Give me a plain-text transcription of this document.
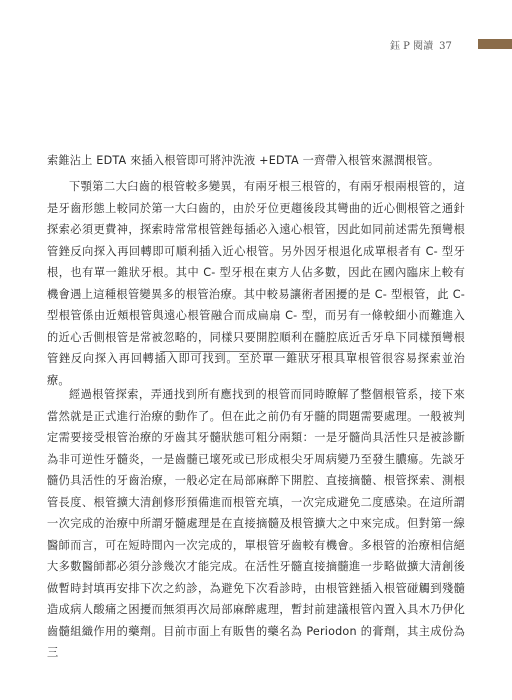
鈺 P 閱讀 37

索錐沾上 EDTA 來插入根管即可將沖洗液 +EDTA 一齊帶入根管來濕潤根管。

下顎第二大臼齒的根管較多變異，有兩牙根三根管的，有兩牙根兩根管的，這是牙齒形態上較同於第一大臼齒的，由於牙位更趨後段其彎曲的近心側根管之通針探索必須更費神，探索時常常根管銼每插必入遠心根管，因此如同前述需先預彎根管銼反向探入再回轉即可順利插入近心根管。另外因牙根退化成單根者有 C- 型牙根，也有單一錐狀牙根。其中 C- 型牙根在東方人佔多數，因此在國內臨床上較有機會遇上這種根管變異多的根管治療。其中較易讓術者困擾的是 C- 型根管，此 C- 型根管係由近頰根管與遠心根管融合而成扁扇 C- 型，而另有一條較細小而難進入的近心舌側根管是常被忽略的，同樣只要開腔順利在髓腔底近舌牙阜下同樣預彎根管銼反向探入再回轉插入即可找到。至於單一錐狀牙根具單根管很容易探索並治療。

經過根管探索，弄通找到所有應找到的根管而同時瞭解了整個根管系，接下來當然就是正式進行治療的動作了。但在此之前仍有牙髓的問題需要處理。一般被判定需要接受根管治療的牙齒其牙髓狀態可粗分兩類：一是牙髓尚具活性只是被診斷為非可逆性牙髓炎，一是齒髓已壞死或已形成根尖牙周病變乃至發生膿瘍。先談牙髓仍具活性的牙齒治療，一般必定在局部麻醉下開腔、直接摘髓、根管探索、測根管長度、根管擴大清創修形預備進而根管充填，一次完成避免二度感染。在這所謂一次完成的治療中所謂牙髓處理是在直接摘髓及根管擴大之中來完成。但對第一線醫師而言，可在短時間內一次完成的，單根管牙齒較有機會。多根管的治療相信絕大多數醫師都必須分診幾次才能完成。在活性牙髓直接摘髓進一步略做擴大清創後做暫時封填再安排下次之約診，為避免下次看診時，由根管銼插入根管碰觸到殘髓造成病人酸痛之困擾而無須再次局部麻醉處理，暫封前建議根管內置入具木乃伊化齒髓組織作用的藥劑。目前市面上有販售的藥名為 Periodon 的膏劑，其主成份為三
